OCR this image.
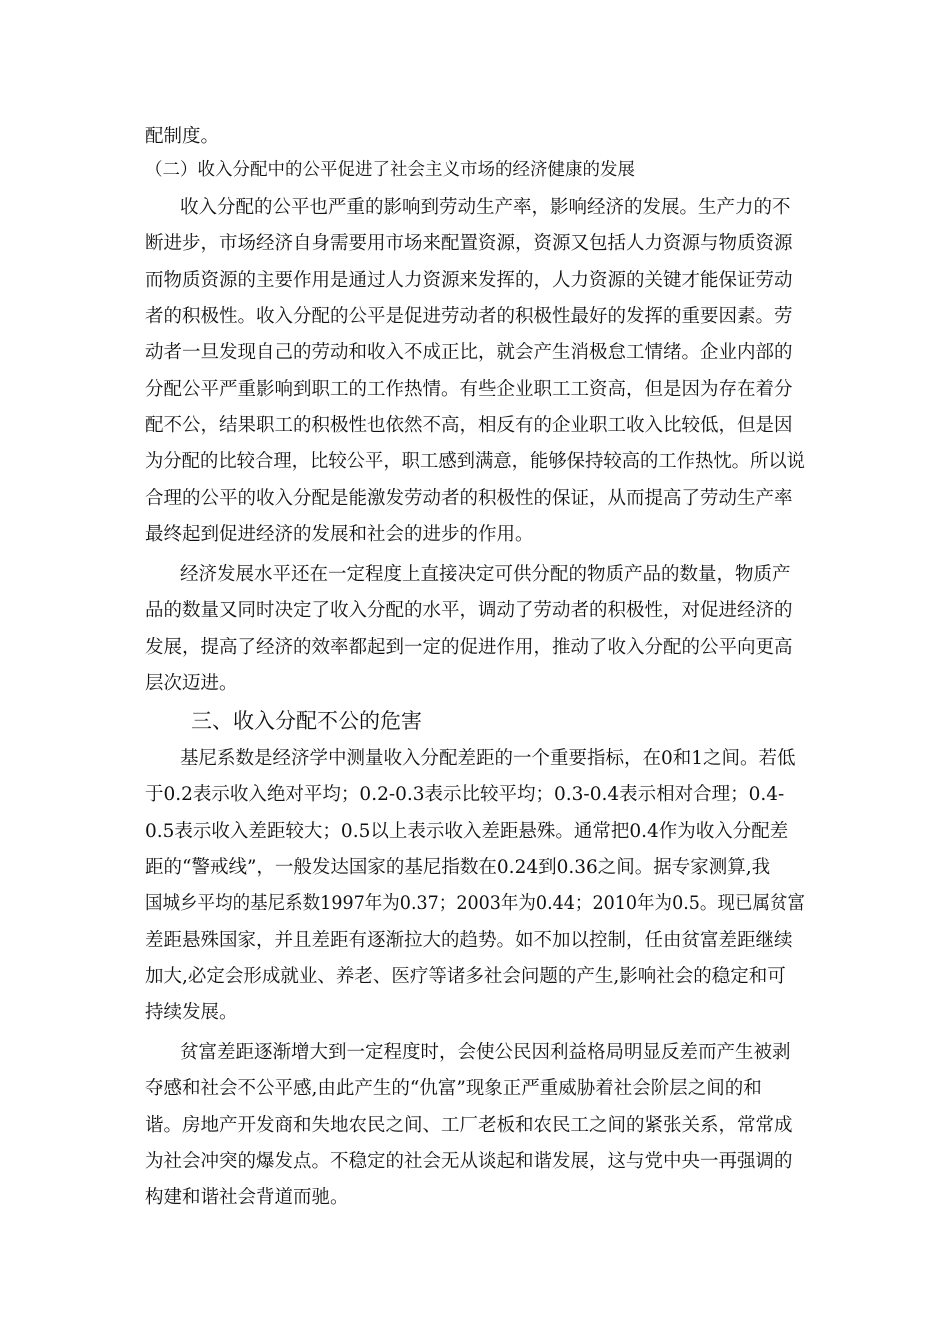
配制度。
（二）收入分配中的公平促进了社会主义市场的经济健康的发展
收入分配的公平也严重的影响到劳动生产率，影响经济的发展。生产力的不
断进步，市场经济自身需要用市场来配置资源，资源又包括人力资源与物质资源
而物质资源的主要作用是通过人力资源来发挥的，人力资源的关键才能保证劳动
者的积极性。收入分配的公平是促进劳动者的积极性最好的发挥的重要因素。劳
动者一旦发现自己的劳动和收入不成正比，就会产生消极怠工情绪。企业内部的
分配公平严重影响到职工的工作热情。有些企业职工工资高，但是因为存在着分
配不公，结果职工的积极性也依然不高，相反有的企业职工收入比较低，但是因
为分配的比较合理，比较公平，职工感到满意，能够保持较高的工作热忱。所以说
合理的公平的收入分配是能激发劳动者的积极性的保证，从而提高了劳动生产率
最终起到促进经济的发展和社会的进步的作用。
经济发展水平还在一定程度上直接决定可供分配的物质产品的数量，物质产
品的数量又同时决定了收入分配的水平，调动了劳动者的积极性，对促进经济的
发展，提高了经济的效率都起到一定的促进作用，推动了收入分配的公平向更高
层次迈进。
三、收入分配不公的危害
基尼系数是经济学中测量收入分配差距的一个重要指标，在0和1之间。若低
于0.2表示收入绝对平均；0.2-0.3表示比较平均；0.3-0.4表示相对合理；0.4-
0.5表示收入差距较大；0.5以上表示收入差距悬殊。通常把0.4作为收入分配差
距的“警戒线”，一般发达国家的基尼指数在0.24到0.36之间。据专家测算,我
国城乡平均的基尼系数1997年为0.37；2003年为0.44；2010年为0.5。现已属贫富
差距悬殊国家，并且差距有逐渐拉大的趋势。如不加以控制，任由贫富差距继续
加大,必定会形成就业、养老、医疗等诸多社会问题的产生,影响社会的稳定和可
持续发展。
贫富差距逐渐增大到一定程度时，会使公民因利益格局明显反差而产生被剥
夺感和社会不公平感,由此产生的“仇富”现象正严重威胁着社会阶层之间的和
谐。房地产开发商和失地农民之间、工厂老板和农民工之间的紧张关系，常常成
为社会冲突的爆发点。不稳定的社会无从谈起和谐发展，这与党中央一再强调的
构建和谐社会背道而驰。
